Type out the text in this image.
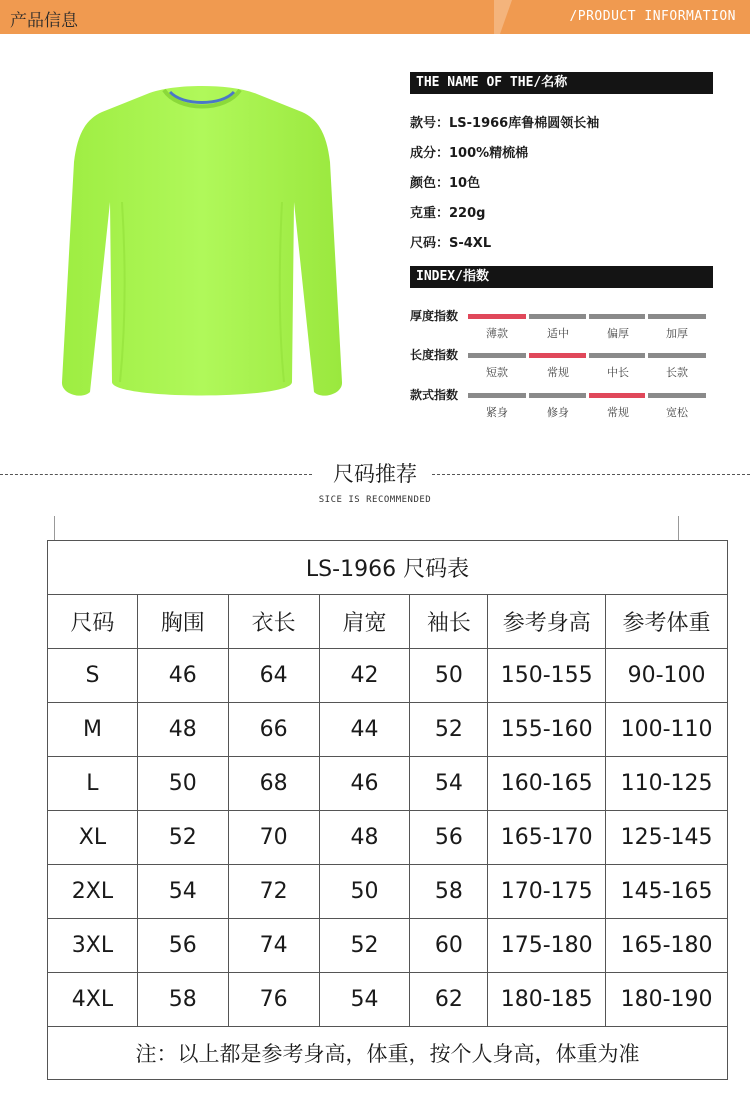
产品信息	/PRODUCT INFORMATION
THE NAME OF THE/名称
款号：LS-1966库鲁棉圆领长袖
成分：100%精梳棉
颜色：10色
克重：220g
尺码：S-4XL
INDEX/指数
厚度指数
薄款	适中	偏厚	加厚
长度指数
短款	常规	中长	长款
款式指数
紧身	修身	常规	宽松
尺码推荐
SICE IS RECOMMENDED
LS-1966 尺码表						
尺码	胸围	衣长	肩宽	袖长	参考身高	参考体重
S	46	64	42	50	150-155	90-100
M	48	66	44	52	155-160	100-110
L	50	68	46	54	160-165	110-125
XL	52	70	48	56	165-170	125-145
2XL	54	72	50	58	170-175	145-165
3XL	56	74	52	60	175-180	165-180
4XL	58	76	54	62	180-185	180-190
注：以上都是参考身高，体重，按个人身高，体重为准						
